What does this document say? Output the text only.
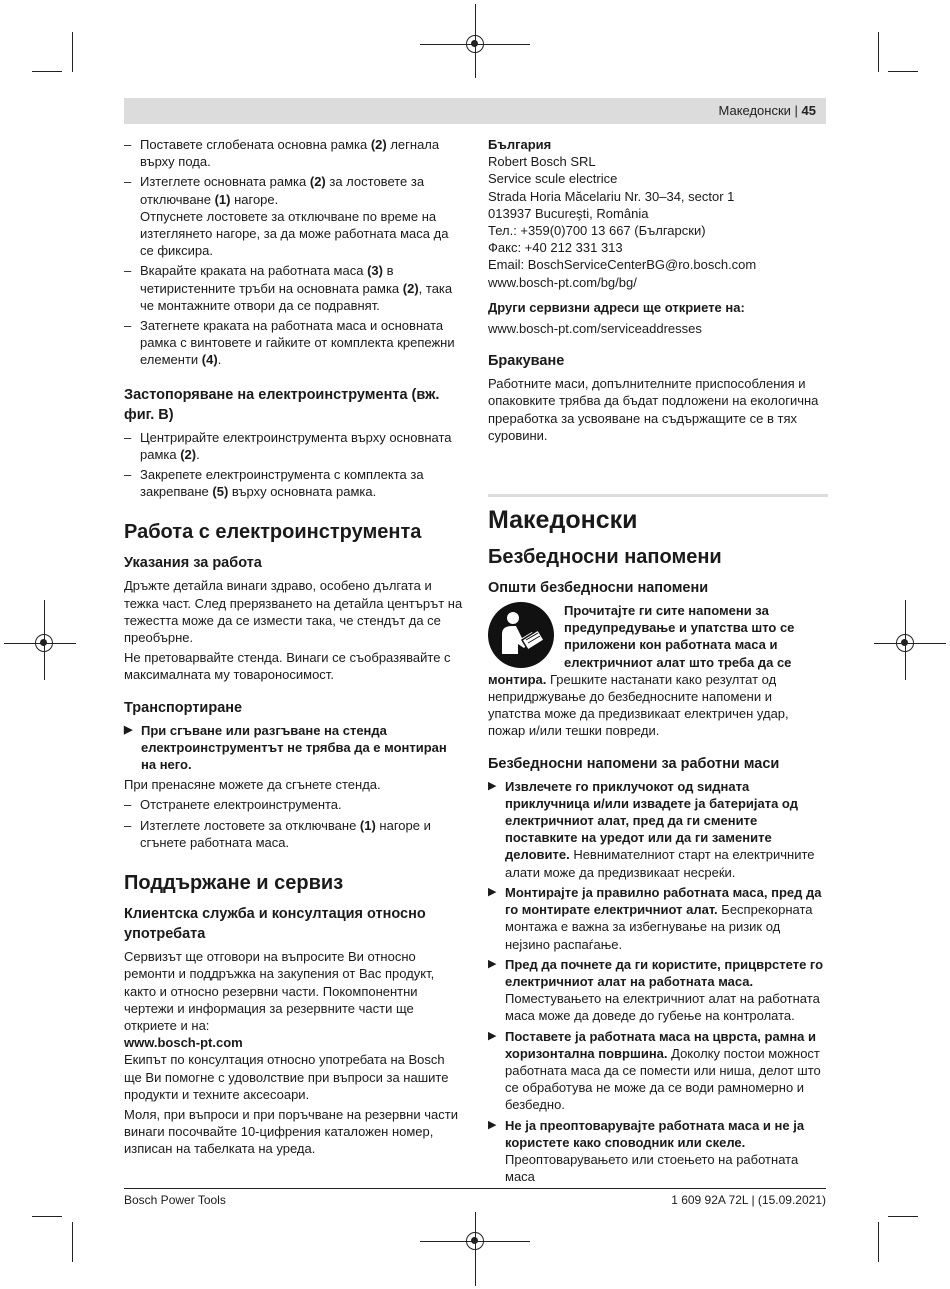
Македонски | 45
– Поставете сглобената основна рамка (2) легнала върху пода.
– Изтеглете основната рамка (2) за лостовете за отключване (1) нагоре.
Отпуснете лостовете за отключване по време на изтеглянето нагоре, за да може работната маса да се фиксира.
– Вкарайте краката на работната маса (3) в четиристенните тръби на основната рамка (2), така че монтажните отвори да се подравнят.
– Затегнете краката на работната маса и основната рамка с винтовете и гайките от комплекта крепежни елементи (4).
Застопоряване на електроинструмента (вж. фиг. B)
– Центрирайте електроинструмента върху основната рамка (2).
– Закрепете електроинструмента с комплекта за закрепване (5) върху основната рамка.
Работа с електроинструмента
Указания за работа

Дръжте детайла винаги здраво, особено дългата и тежка част. След прерязването на детайла центърът на тежестта може да се измести така, че стендът да се преобърне.

Не претоварвайте стенда. Винаги се съобразявайте с максималната му товароносимост.

Транспортиране
▶ При сгъване или разгъване на стенда електроинструментът не трябва да е монтиран на него.

При пренасяне можете да сгънете стенда.

– Отстранете електроинструмента.
– Изтеглете лостовете за отключване (1) нагоре и сгънете работната маса.
Поддържане и сервиз
Клиентска служба и консултация относно употребата

Сервизът ще отговори на въпросите Ви относно ремонти и поддръжка на закупения от Вас продукт, както и относно резервни части. Покомпонентни чертежи и информация за резервните части ще откриете и на:
www.bosch-pt.com

Екипът по консултация относно употребата на Bosch ще Ви помогне с удоволствие при въпроси за нашите продукти и техните аксесоари.

Моля, при въпроси и при поръчване на резервни части винаги посочвайте 10-цифрения каталожен номер, изписан на табелката на уреда.

България
Robert Bosch SRL
Service scule electrice
Strada Horia Măcelariu Nr. 30–34, sector 1
013937 Bucureşti, România
Тел.: +359(0)700 13 667 (Български)
Факс: +40 212 331 313
Email: BoschServiceCenterBG@ro.bosch.com
www.bosch-pt.com/bg/bg/
Други сервизни адреси ще откриете на:
www.bosch-pt.com/serviceaddresses
Бракуване

Работните маси, допълнителните приспособления и опаковките трябва да бъдат подложени на екологична преработка за усвояване на съдържащите се в тях суровини.

Македонски
Безбедносни напомени
Општи безбедносни напомени
Прочитајте ги сите напомени за предупредување и упатства што се приложени кон работната маса и електричниот алат што треба да се монтира. Грешките настанати како резултат од непридржување до безбедносните напомени и упатства може да предизвикаат електричен удар, пожар и/или тешки повреди.
Безбедносни напомени за работни маси
▶ Извлечете го приклучокот од ѕидната приклучница и/или извадете ја батеријата од електричниот алат, пред да ги смените поставките на уредот или да ги замените деловите. Невнимателниот старт на електричните алати може да предизвикаат несреќи.
▶ Монтирајте ја правилно работната маса, пред да го монтирате електричниот алат. Беспрекорната монтажа е важна за избегнување на ризик од нејзино распаѓање.
▶ Пред да почнете да ги користите, прицврстете го електричниот алат на работната маса. Поместувањето на електричниот алат на работната маса може да доведе до губење на контролата.
▶ Поставете ја работната маса на цврста, рамна и хоризонтална површина. Доколку постои можност работната маса да се помести или ниша, делот што се обработува не може да се води рамномерно и безбедно.
▶ Не ја преоптоварувајте работната маса и не ја користете како споводник или скеле. Преоптоварувањето или стоењето на работната маса
Bosch Power Tools	1 609 92A 72L | (15.09.2021)
